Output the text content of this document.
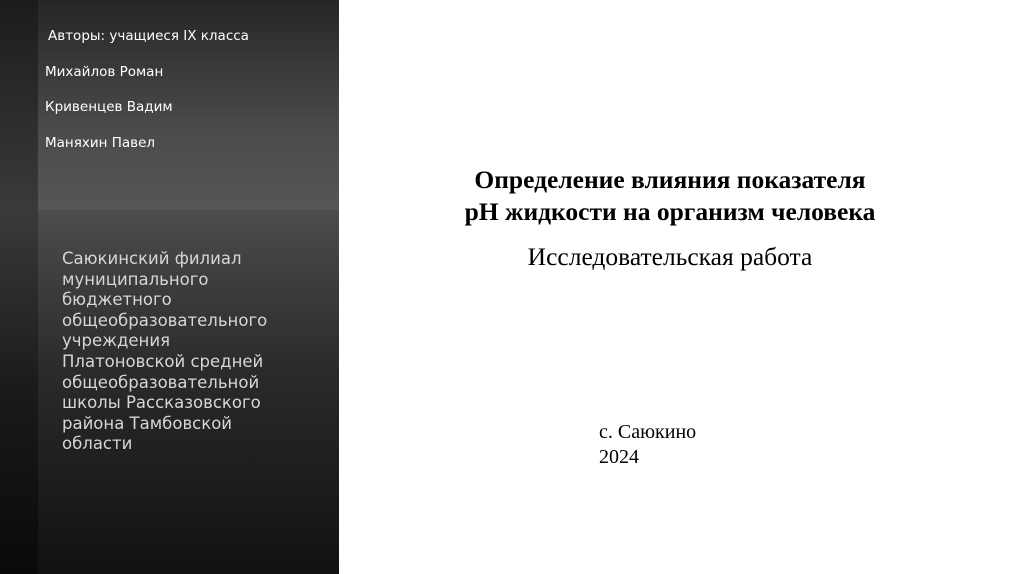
Авторы: учащиеся ⅠⅩ класса
Михайлов Роман
Кривенцев Вадим
Маняхин Павел
Саюкинский филиал
муниципального
бюджетного
общеобразовательного
учреждения
Платоновской средней
общеобразовательной
школы Рассказовского
района Тамбовской
области
Определение влияния показателя
pH жидкости на организм человека
Исследовательская работа
с. Саюкино
2024
